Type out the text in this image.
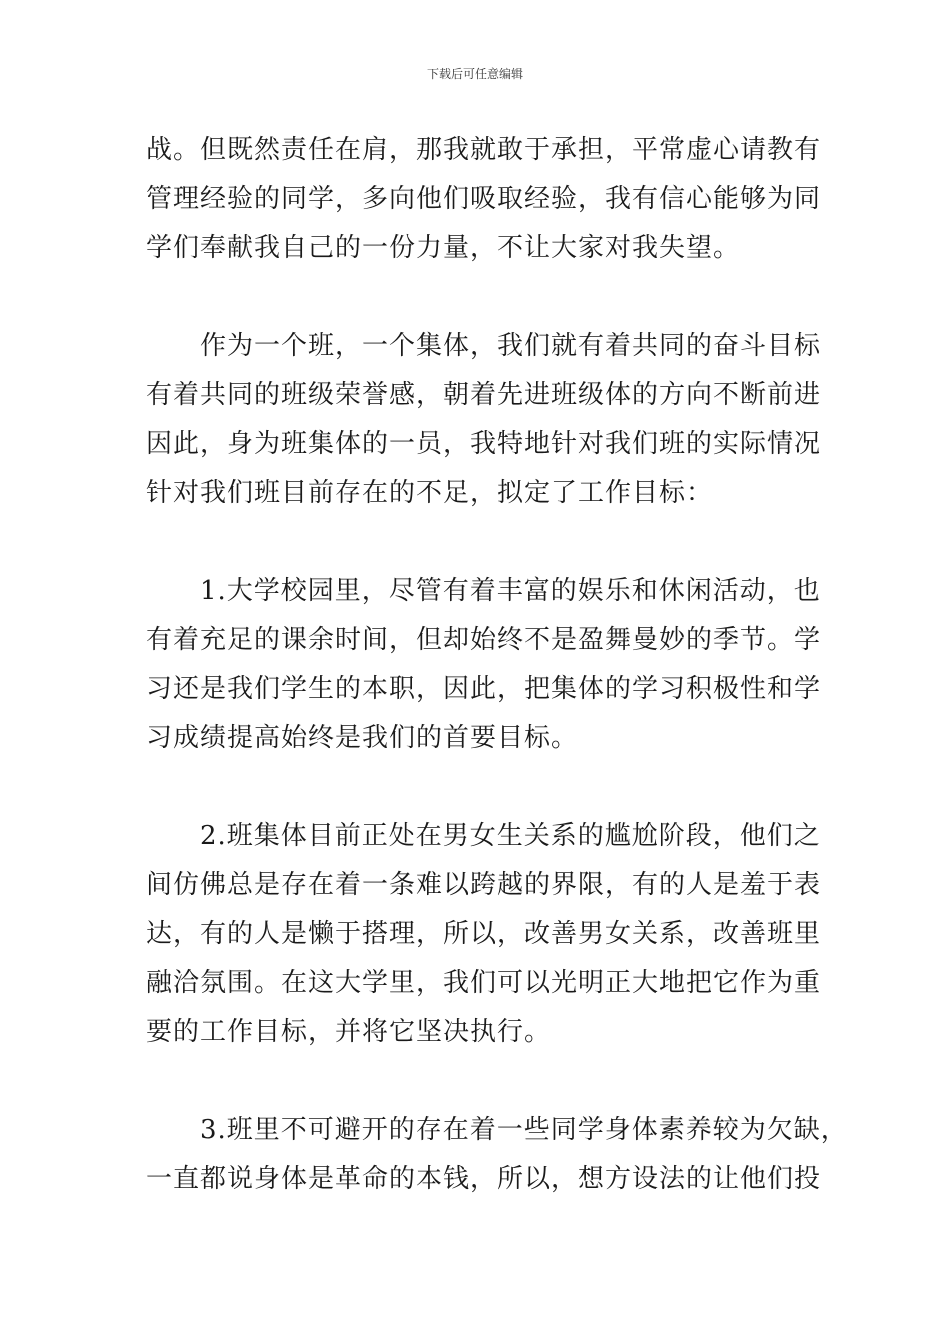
下载后可任意编辑
战。但既然责任在肩，那我就敢于承担，平常虚心请教有
管理经验的同学，多向他们吸取经验，我有信心能够为同
学们奉献我自己的一份力量，不让大家对我失望。
作为一个班，一个集体，我们就有着共同的奋斗目标
有着共同的班级荣誉感，朝着先进班级体的方向不断前进
因此，身为班集体的一员，我特地针对我们班的实际情况
针对我们班目前存在的不足，拟定了工作目标：
1.大学校园里，尽管有着丰富的娱乐和休闲活动，也
有着充足的课余时间，但却始终不是盈舞曼妙的季节。学
习还是我们学生的本职，因此，把集体的学习积极性和学
习成绩提高始终是我们的首要目标。
2.班集体目前正处在男女生关系的尴尬阶段，他们之
间仿佛总是存在着一条难以跨越的界限，有的人是羞于表
达，有的人是懒于搭理，所以，改善男女关系，改善班里
融洽氛围。在这大学里，我们可以光明正大地把它作为重
要的工作目标，并将它坚决执行。
3.班里不可避开的存在着一些同学身体素养较为欠缺，
一直都说身体是革命的本钱，所以，想方设法的让他们投
